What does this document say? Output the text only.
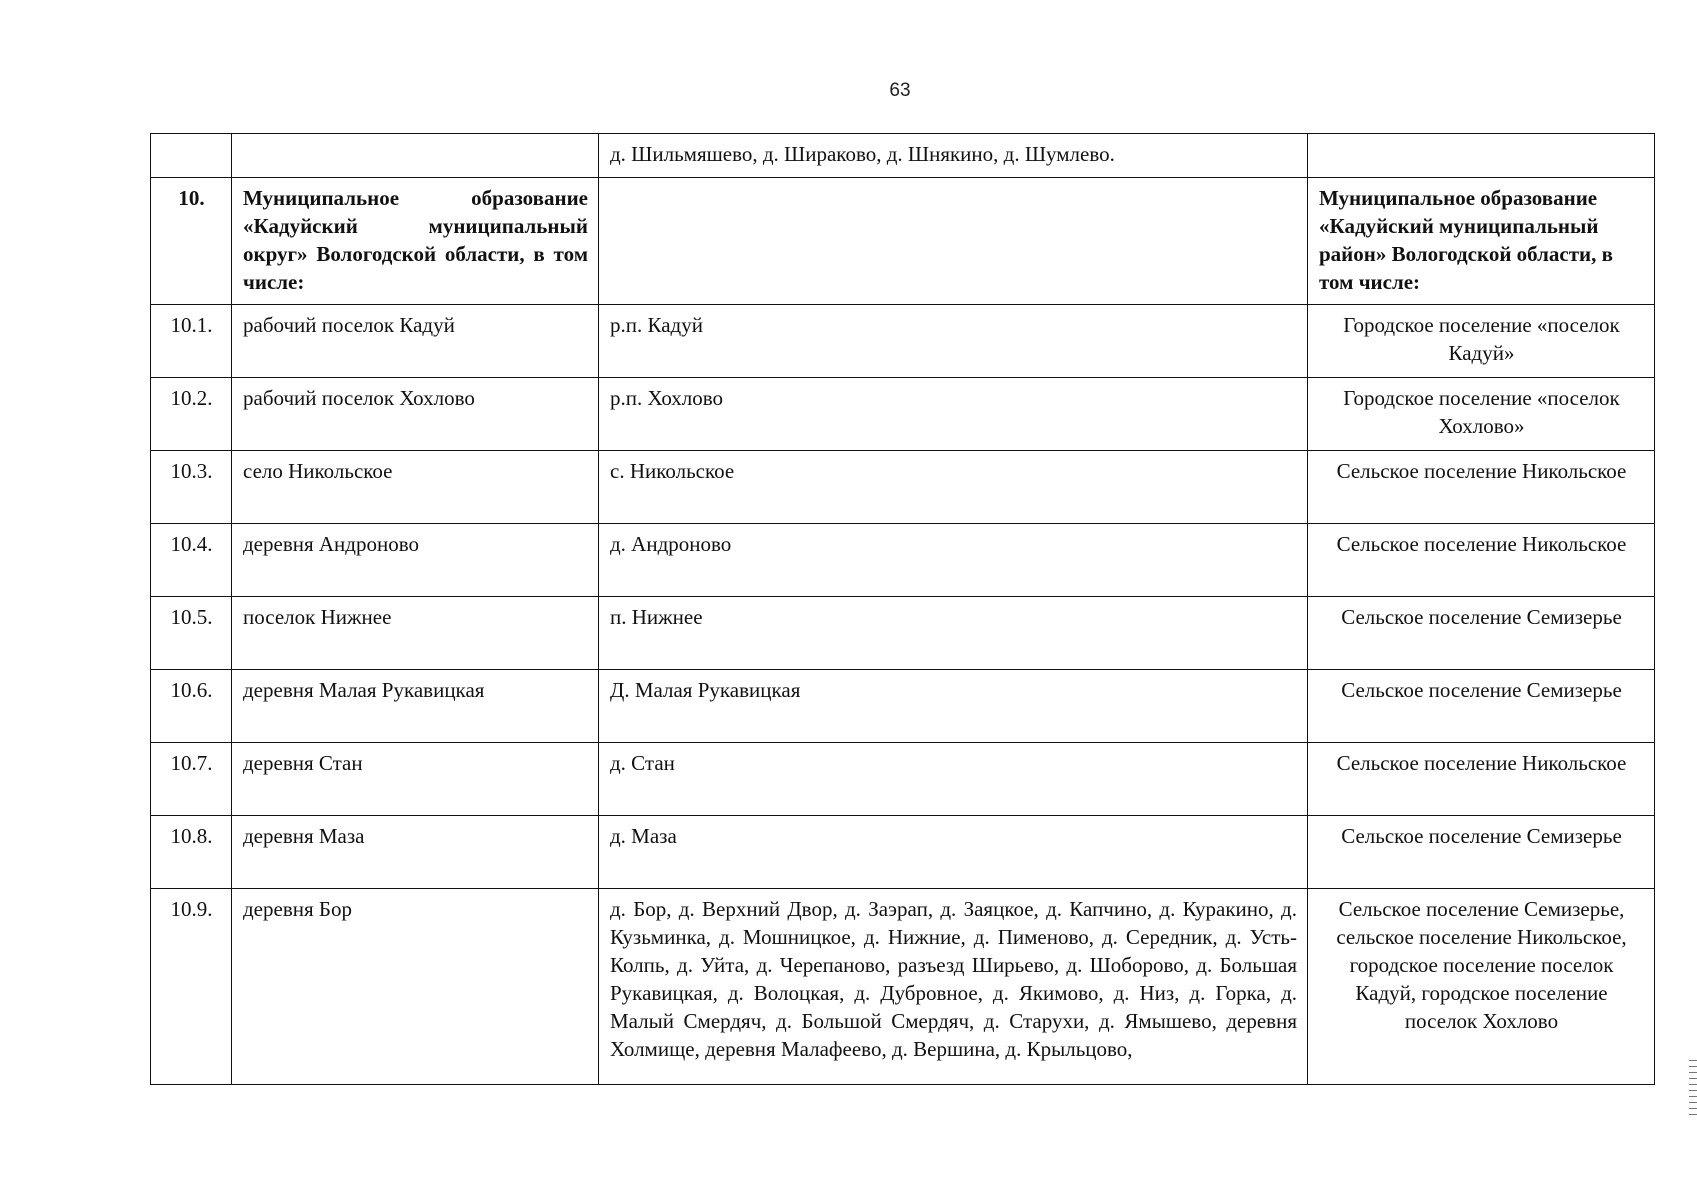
63
		д. Шильмяшево, д. Шираково, д. Шнякино, д. Шумлево.	
10.	Муниципальное образование «Кадуйский муниципальный округ» Вологодской области, в том числе:		Муниципальное образование «Кадуйский муниципальный район» Вологодской области, в том числе:
10.1.	рабочий поселок Кадуй	р.п. Кадуй	Городское поселение «поселок Кадуй»
10.2.	рабочий поселок Хохлово	р.п. Хохлово	Городское поселение «поселок Хохлово»
10.3.	село Никольское	с. Никольское	Сельское поселение Никольское
10.4.	деревня Андроново	д. Андроново	Сельское поселение Никольское
10.5.	поселок Нижнее	п. Нижнее	Сельское поселение Семизерье
10.6.	деревня Малая Рукавицкая	Д. Малая Рукавицкая	Сельское поселение Семизерье
10.7.	деревня Стан	д. Стан	Сельское поселение Никольское
10.8.	деревня Маза	д. Маза	Сельское поселение Семизерье
10.9.	деревня Бор	д. Бор, д. Верхний Двор, д. Заэрап, д. Заяцкое, д. Капчино, д. Куракино, д. Кузьминка, д. Мошницкое, д. Нижние, д. Пименово, д. Середник, д. Усть-Колпь, д. Уйта, д. Черепаново, разъезд Ширьево, д. Шоборово, д. Большая Рукавицкая, д. Волоцкая, д. Дубровное, д. Якимово, д. Низ, д. Горка, д. Малый Смердяч, д. Большой Смердяч, д. Старухи, д. Ямышево, деревня Холмище, деревня Малафеево, д. Вершина, д. Крыльцово,	Сельское поселение Семизерье, сельское поселение Никольское, городское поселение поселок Кадуй, городское поселение поселок Хохлово
